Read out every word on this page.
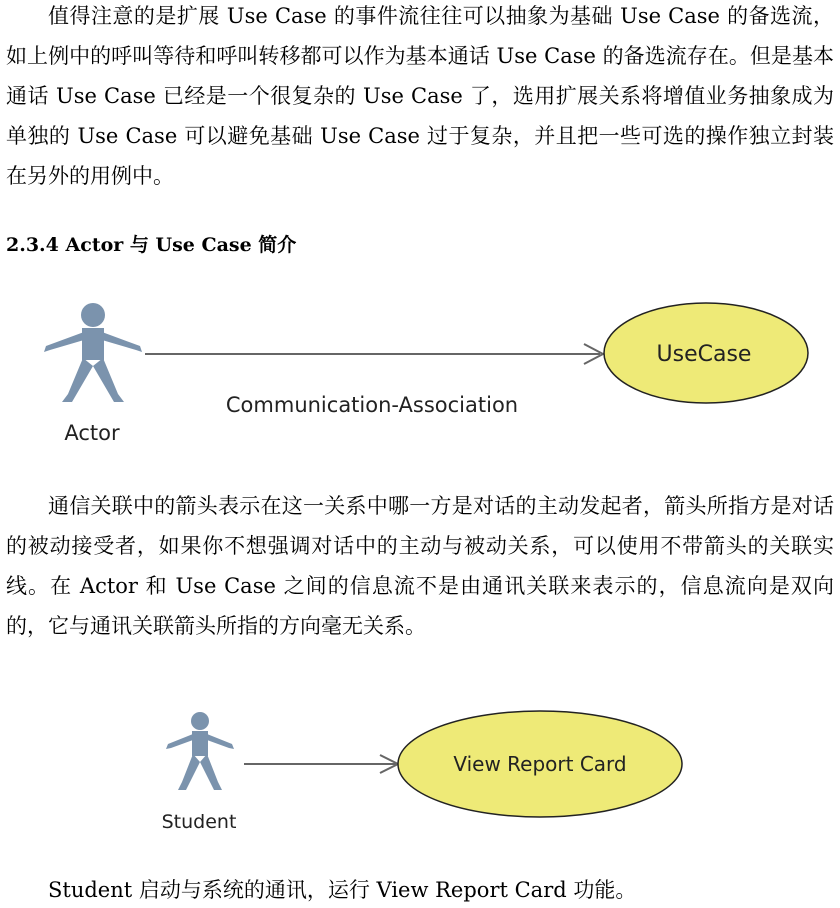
值得注意的是扩展 Use Case 的事件流往往可以抽象为基础 Use Case 的备选流，如上例中的呼叫等待和呼叫转移都可以作为基本通话 Use Case 的备选流存在。但是基本通话 Use Case 已经是一个很复杂的 Use Case 了，选用扩展关系将增值业务抽象成为单独的 Use Case 可以避免基础 Use Case 过于复杂，并且把一些可选的操作独立封装在另外的用例中。

2.3.4 Actor 与 Use Case 简介
UseCase
Communication-Association
Actor

通信关联中的箭头表示在这一关系中哪一方是对话的主动发起者，箭头所指方是对话的被动接受者，如果你不想强调对话中的主动与被动关系，可以使用不带箭头的关联实线。在 Actor 和 Use Case 之间的信息流不是由通讯关联来表示的，信息流向是双向的，它与通讯关联箭头所指的方向毫无关系。

View Report Card
Student

Student 启动与系统的通讯，运行 View Report Card 功能。
